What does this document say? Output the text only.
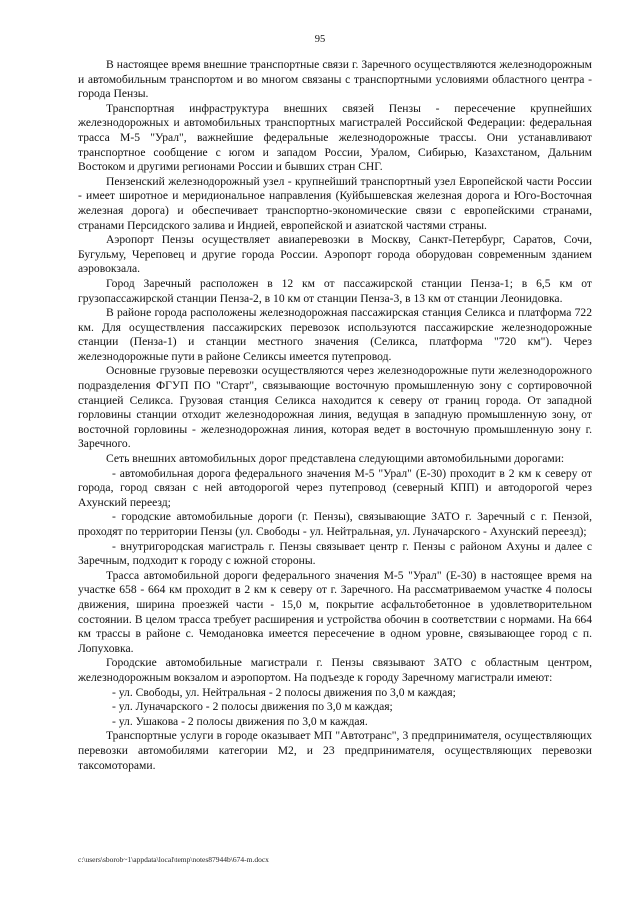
95

В настоящее время внешние транспортные связи г. Заречного осуществляются железнодорожным и автомобильным транспортом и во многом связаны с транспортными условиями областного центра - города Пензы.

Транспортная инфраструктура внешних связей Пензы - пересечение крупнейших железнодорожных и автомобильных транспортных магистралей Российской Федерации: федеральная трасса М-5 "Урал", важнейшие федеральные железнодорожные трассы. Они устанавливают транспортное сообщение с югом и западом России, Уралом, Сибирью, Казахстаном, Дальним Востоком и другими регионами России и бывших стран СНГ.

Пензенский железнодорожный узел - крупнейший транспортный узел Европейской части России - имеет широтное и меридиональное направления (Куйбышевская железная дорога и Юго-Восточная железная дорога) и обеспечивает транспортно-экономические связи с европейскими странами, странами Персидского залива и Индией, европейской и азиатской частями страны.

Аэропорт Пензы осуществляет авиаперевозки в Москву, Санкт-Петербург, Саратов, Сочи, Бугульму, Череповец и другие города России. Аэропорт города оборудован современным зданием аэровокзала.

Город Заречный расположен в 12 км от пассажирской станции Пенза-1; в 6,5 км от грузопассажирской станции Пенза-2, в 10 км от станции Пенза-3, в 13 км от станции Леонидовка.

В районе города расположены железнодорожная пассажирская станция Селикса и платформа 722 км. Для осуществления пассажирских перевозок используются пассажирские железнодорожные станции (Пенза-1) и станции местного значения (Селикса, платформа "720 км"). Через железнодорожные пути в районе Селиксы имеется путепровод.

Основные грузовые перевозки осуществляются через железнодорожные пути железнодорожного подразделения ФГУП ПО "Старт", связывающие восточную промышленную зону с сортировочной станцией Селикса. Грузовая станция Селикса находится к северу от границ города. От западной горловины станции отходит железнодорожная линия, ведущая в западную промышленную зону, от восточной горловины - железнодорожная линия, которая ведет в восточную промышленную зону г. Заречного.

Сеть внешних автомобильных дорог представлена следующими автомобильными дорогами:

- автомобильная дорога федерального значения М-5 "Урал" (Е-30) проходит в 2 км к северу от города, город связан с ней автодорогой через путепровод (северный КПП) и автодорогой через Ахунский переезд;

- городские автомобильные дороги (г. Пензы), связывающие ЗАТО г. Заречный с г. Пензой, проходят по территории Пензы (ул. Свободы - ул. Нейтральная, ул. Луначарского - Ахунский переезд);

- внутригородская магистраль г. Пензы связывает центр г. Пензы с районом Ахуны и далее с Заречным, подходит к городу с южной стороны.

Трасса автомобильной дороги федерального значения М-5 "Урал" (Е-30) в настоящее время на участке 658 - 664 км проходит в 2 км к северу от г. Заречного. На рассматриваемом участке 4 полосы движения, ширина проезжей части - 15,0 м, покрытие асфальтобетонное в удовлетворительном состоянии. В целом трасса требует расширения и устройства обочин в соответствии с нормами. На 664 км трассы в районе с. Чемодановка имеется пересечение в одном уровне, связывающее город с п. Лопуховка.

Городские автомобильные магистрали г. Пензы связывают ЗАТО с областным центром, железнодорожным вокзалом и аэропортом. На подъезде к городу Заречному магистрали имеют:

- ул. Свободы, ул. Нейтральная - 2 полосы движения по 3,0 м каждая;

- ул. Луначарского - 2 полосы движения по 3,0 м каждая;

- ул. Ушакова - 2 полосы движения по 3,0 м каждая.

Транспортные услуги в городе оказывает МП "Автотранс", 3 предпринимателя, осуществляющих перевозки автомобилями категории М2, и 23 предпринимателя, осуществляющих перевозки таксомоторами.

c:\users\sborob~1\appdata\local\temp\notes87944b\674-m.docx
